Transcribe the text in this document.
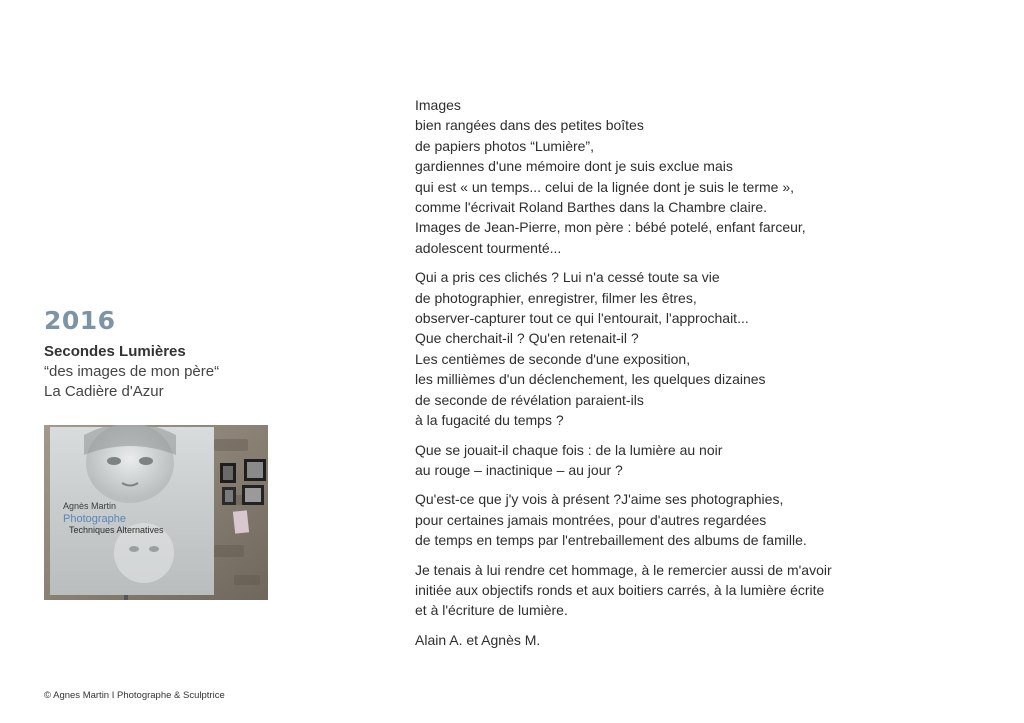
2016
Secondes Lumières
“des images de mon père“
La Cadière d'Azur
Agnès Martin
Photographe
Techniques Alternatives
Images
bien rangées dans des petites boîtes
de papiers photos “Lumière”,
gardiennes d'une mémoire dont je suis exclue mais
qui est « un temps... celui de la lignée dont je suis le terme »,
comme l'écrivait Roland Barthes dans la Chambre claire.
Images de Jean-Pierre, mon père : bébé potelé, enfant farceur,
adolescent tourmenté...
Qui a pris ces clichés ? Lui n'a cessé toute sa vie
de photographier, enregistrer, filmer les êtres,
observer-capturer tout ce qui l'entourait, l'approchait...
Que cherchait-il ? Qu'en retenait-il ?
Les centièmes de seconde d'une exposition,
les millièmes d'un déclenchement, les quelques dizaines
de seconde de révélation paraient-ils
à la fugacité du temps ?
Que se jouait-il chaque fois : de la lumière au noir
au rouge – inactinique – au jour ?
Qu'est-ce que j'y vois à présent ?J'aime ses photographies,
pour certaines jamais montrées, pour d'autres regardées
de temps en temps par l'entrebaillement des albums de famille.
Je tenais à lui rendre cet hommage, à le remercier aussi de m'avoir
initiée aux objectifs ronds et aux boitiers carrés, à la lumière écrite
et à l'écriture de lumière.
Alain A. et Agnès M.
© Agnes Martin I Photographe & Sculptrice
